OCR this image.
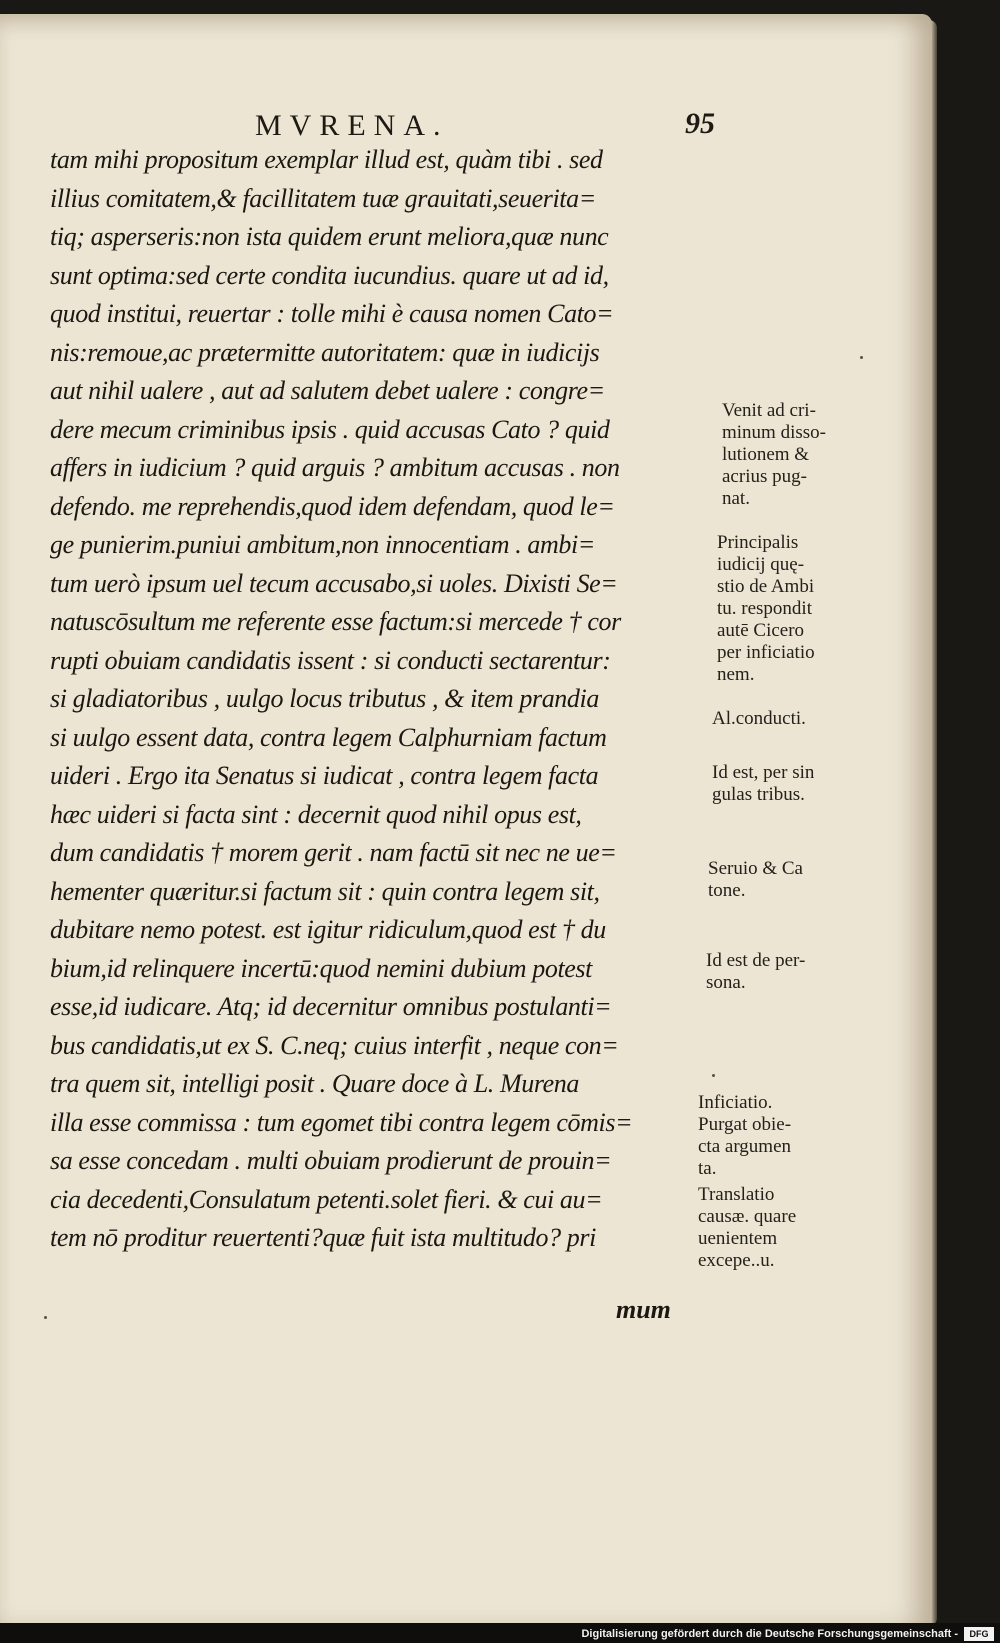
MVRENA.	95
tam mihi propositum exemplar illud est, quàm tibi . sed
illius comitatem,& facillitatem tuæ grauitati,seuerita=
tiq; asperseris:non ista quidem erunt meliora,quæ nunc
sunt optima:sed certe condita iucundius. quare ut ad id,
quod institui, reuertar : tolle mihi è causa nomen Cato=
nis:remoue,ac prætermitte autoritatem: quæ in iudicijs
aut nihil ualere , aut ad salutem debet ualere : congre=
dere mecum criminibus ipsis . quid accusas Cato ? quid
affers in iudicium ? quid arguis ? ambitum accusas . non
defendo. me reprehendis,quod idem defendam, quod le=
ge punierim.puniui ambitum,non innocentiam . ambi=
tum uerò ipsum uel tecum accusabo,si uoles. Dixisti Se=
natuscōsultum me referente esse factum:si mercede † cor
rupti obuiam candidatis issent : si conducti sectarentur:
si gladiatoribus , uulgo locus tributus , & item prandia
si uulgo essent data, contra legem Calphurniam factum
uideri . Ergo ita Senatus si iudicat , contra legem facta
hæc uideri si facta sint : decernit quod nihil opus est,
dum candidatis † morem gerit . nam factū sit nec ne ue=
hementer quæritur.si factum sit : quin contra legem sit,
dubitare nemo potest. est igitur ridiculum,quod est † du
bium,id relinquere incertū:quod nemini dubium potest
esse,id iudicare. Atq; id decernitur omnibus postulanti=
bus candidatis,ut ex S. C.neq; cuius interfit , neque con=
tra quem sit, intelligi posit . Quare doce à L. Murena
illa esse commissa : tum egomet tibi contra legem cōmis=
sa esse concedam . multi obuiam prodierunt de prouin=
cia decedenti,Consulatum petenti.solet fieri. & cui au=
tem nō proditur reuertenti?quæ fuit ista multitudo? pri
mum
Venit ad cri-
minum disso-
lutionem &
acrius pug-
nat.
Principalis
iudicij quę-
stio de Ambi
tu. respondit
autē Cicero
per inficiatio
nem.
Al.conducti.
Id est, per sin
gulas tribus.
Seruio & Ca
tone.
Id est de per-
sona.
Inficiatio.
Purgat obie-
cta argumen
ta.
Translatio
causæ. quare
uenientem
excepe..u.
Digitalisierung gefördert durch die Deutsche Forschungsgemeinschaft -	DFG
